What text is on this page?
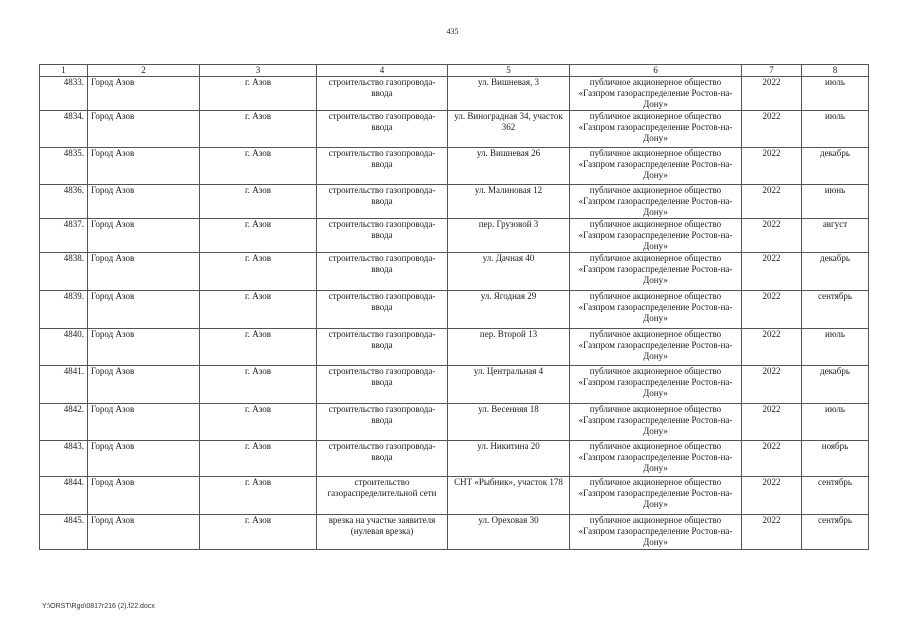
435
1	2	3	4	5	6	7	8
4833.	Город Азов	г. Азов	строительство газопровода-ввода	ул. Вишневая, 3	публичное акционерное общество «Газпром газораспределение Ростов-на-Дону»	2022	июль
4834.	Город Азов	г. Азов	строительство газопровода-ввода	ул. Виноградная 34, участок 362	публичное акционерное общество «Газпром газораспределение Ростов-на-Дону»	2022	июль
4835.	Город Азов	г. Азов	строительство газопровода-ввода	ул. Вишневая 26	публичное акционерное общество «Газпром газораспределение Ростов-на-Дону»	2022	декабрь
4836.	Город Азов	г. Азов	строительство газопровода-ввода	ул. Малиновая 12	публичное акционерное общество «Газпром газораспределение Ростов-на-Дону»	2022	июнь
4837.	Город Азов	г. Азов	строительство газопровода-ввода	пер. Грузовой 3	публичное акционерное общество «Газпром газораспределение Ростов-на-Дону»	2022	август
4838.	Город Азов	г. Азов	строительство газопровода-ввода	ул. Дачная 40	публичное акционерное общество «Газпром газораспределение Ростов-на-Дону»	2022	декабрь
4839.	Город Азов	г. Азов	строительство газопровода-ввода	ул. Ягодная 29	публичное акционерное общество «Газпром газораспределение Ростов-на-Дону»	2022	сентябрь
4840.	Город Азов	г. Азов	строительство газопровода-ввода	пер. Второй 13	публичное акционерное общество «Газпром газораспределение Ростов-на-Дону»	2022	июль
4841.	Город Азов	г. Азов	строительство газопровода-ввода	ул. Центральная 4	публичное акционерное общество «Газпром газораспределение Ростов-на-Дону»	2022	декабрь
4842.	Город Азов	г. Азов	строительство газопровода-ввода	ул. Весенняя 18	публичное акционерное общество «Газпром газораспределение Ростов-на-Дону»	2022	июль
4843.	Город Азов	г. Азов	строительство газопровода-ввода	ул. Никитина 20	публичное акционерное общество «Газпром газораспределение Ростов-на-Дону»	2022	ноябрь
4844.	Город Азов	г. Азов	строительство газораспределительной сети	СНТ «Рыбник», участок 178	публичное акционерное общество «Газпром газораспределение Ростов-на-Дону»	2022	сентябрь
4845.	Город Азов	г. Азов	врезка на участке заявителя (нулевая врезка)	ул. Ореховая 30	публичное акционерное общество «Газпром газораспределение Ростов-на-Дону»	2022	сентябрь
Y:\ORST\Rgo\0817r216 (2).f22.docx
